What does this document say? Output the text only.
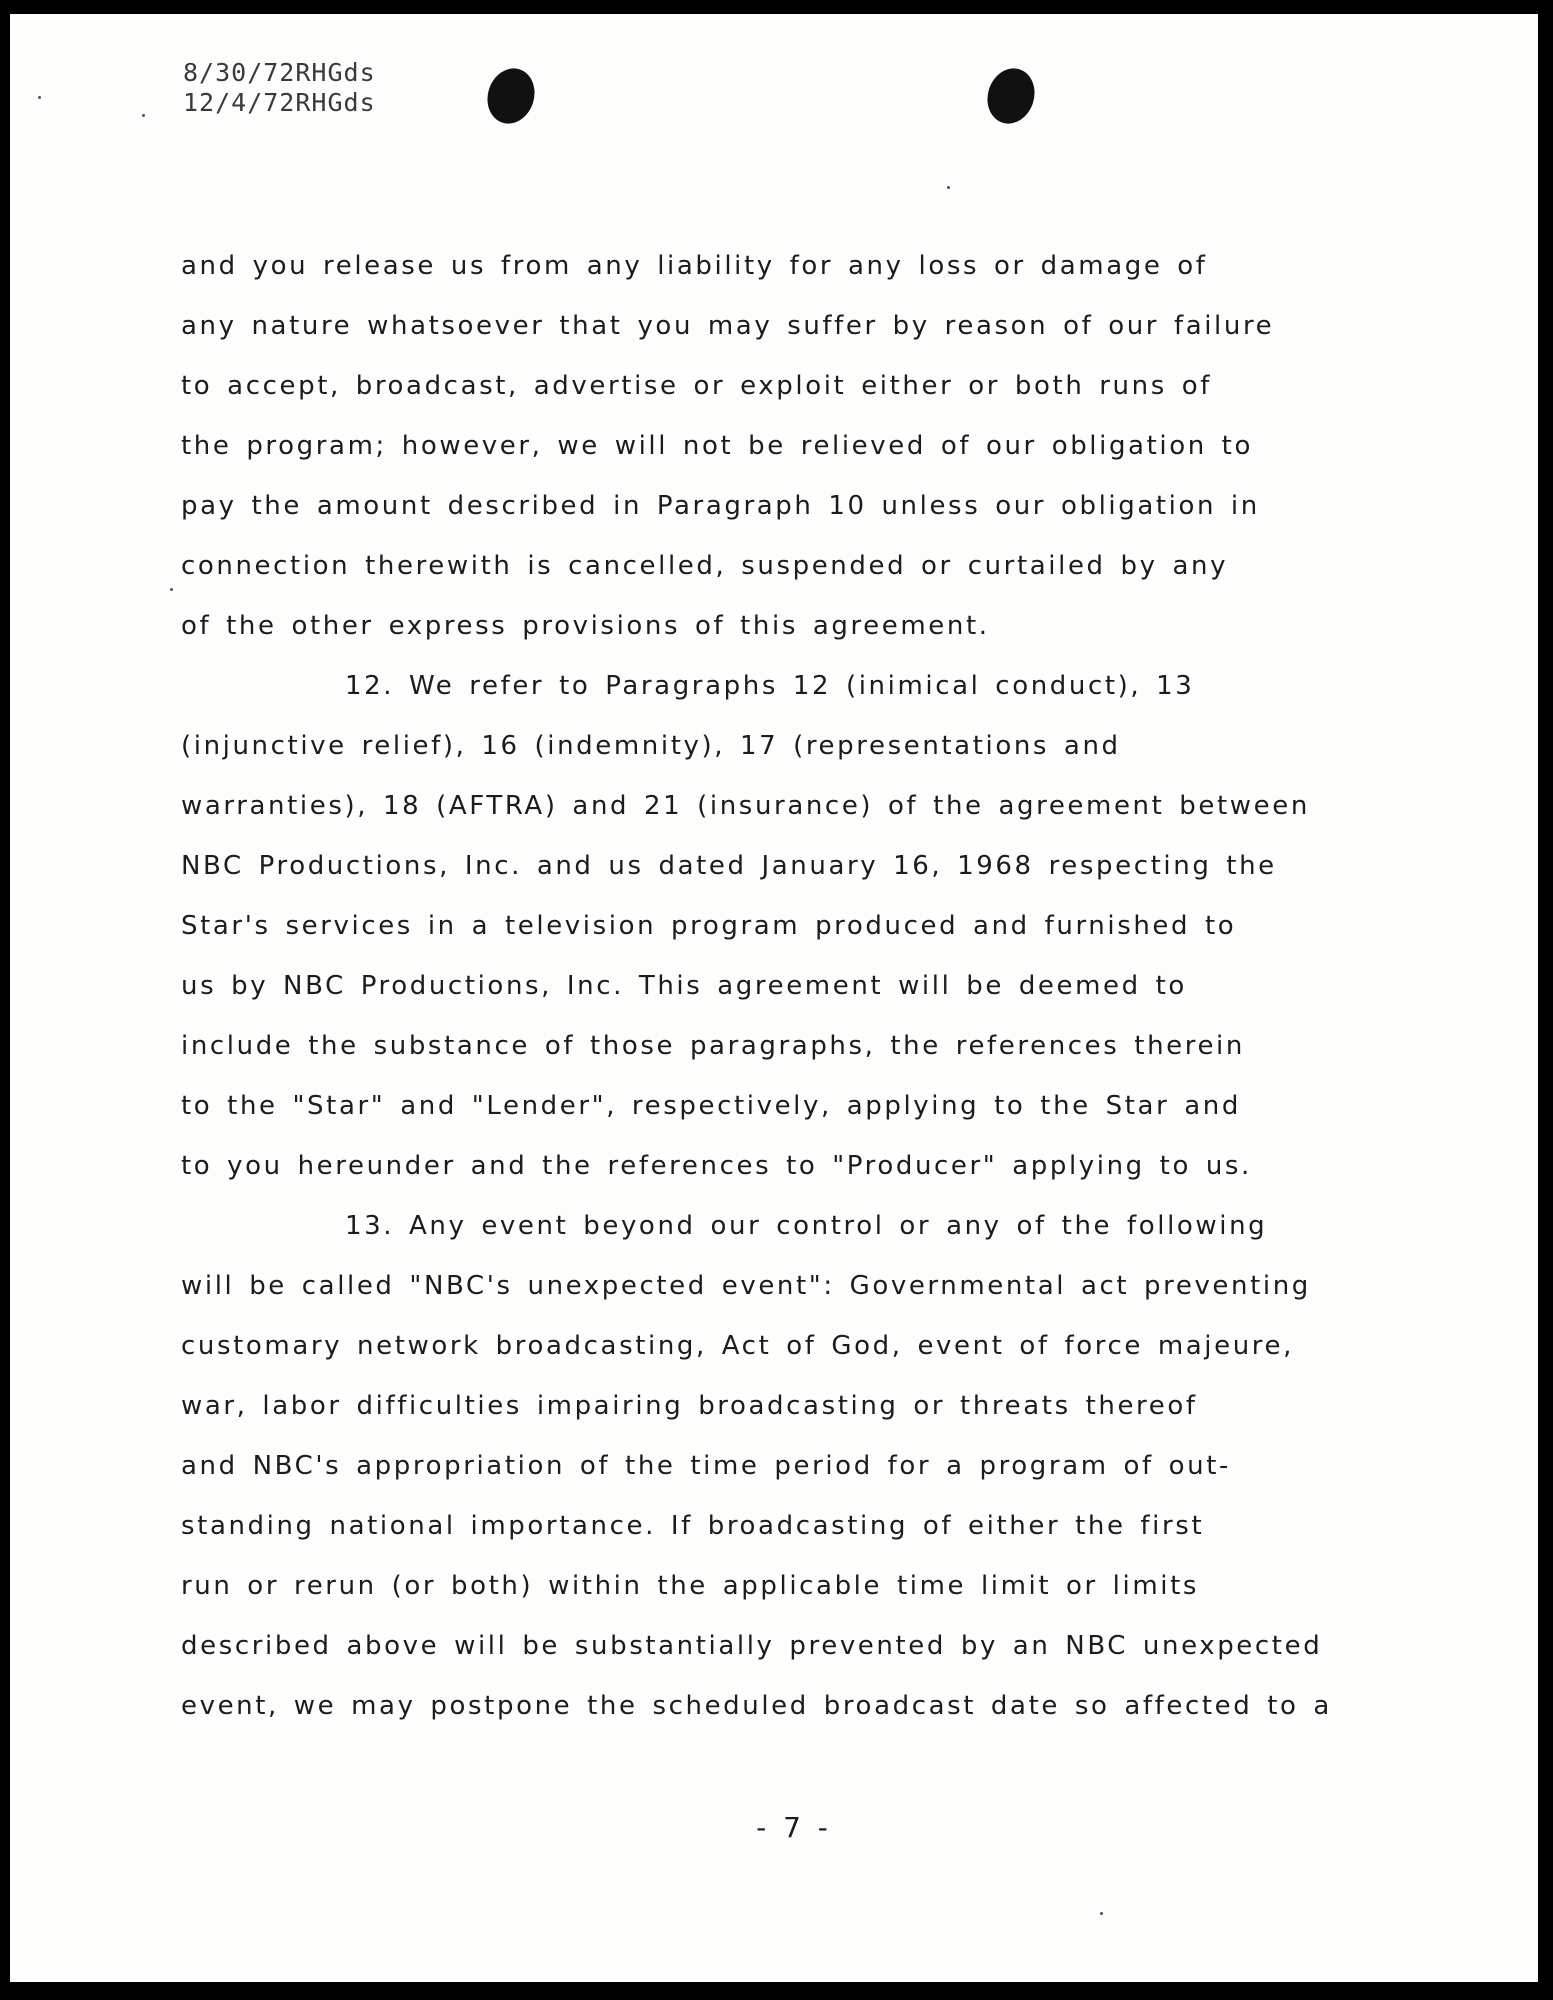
8/30/72RHGds
12/4/72RHGds
and you release us from any liability for any loss or damage of
any nature whatsoever that you may suffer by reason of our failure
to accept, broadcast, advertise or exploit either or both runs of
the program; however, we will not be relieved of our obligation to
pay the amount described in Paragraph 10 unless our obligation in
connection therewith is cancelled, suspended or curtailed by any
of the other express provisions of this agreement.
12. We refer to Paragraphs 12 (inimical conduct), 13
(injunctive relief), 16 (indemnity), 17 (representations and
warranties), 18 (AFTRA) and 21 (insurance) of the agreement between
NBC Productions, Inc. and us dated January 16, 1968 respecting the
Star's services in a television program produced and furnished to
us by NBC Productions, Inc. This agreement will be deemed to
include the substance of those paragraphs, the references therein
to the "Star" and "Lender", respectively, applying to the Star and
to you hereunder and the references to "Producer" applying to us.
13. Any event beyond our control or any of the following
will be called "NBC's unexpected event": Governmental act preventing
customary network broadcasting, Act of God, event of force majeure,
war, labor difficulties impairing broadcasting or threats thereof
and NBC's appropriation of the time period for a program of out-
standing national importance. If broadcasting of either the first
run or rerun (or both) within the applicable time limit or limits
described above will be substantially prevented by an NBC unexpected
event, we may postpone the scheduled broadcast date so affected to a
- 7 -
